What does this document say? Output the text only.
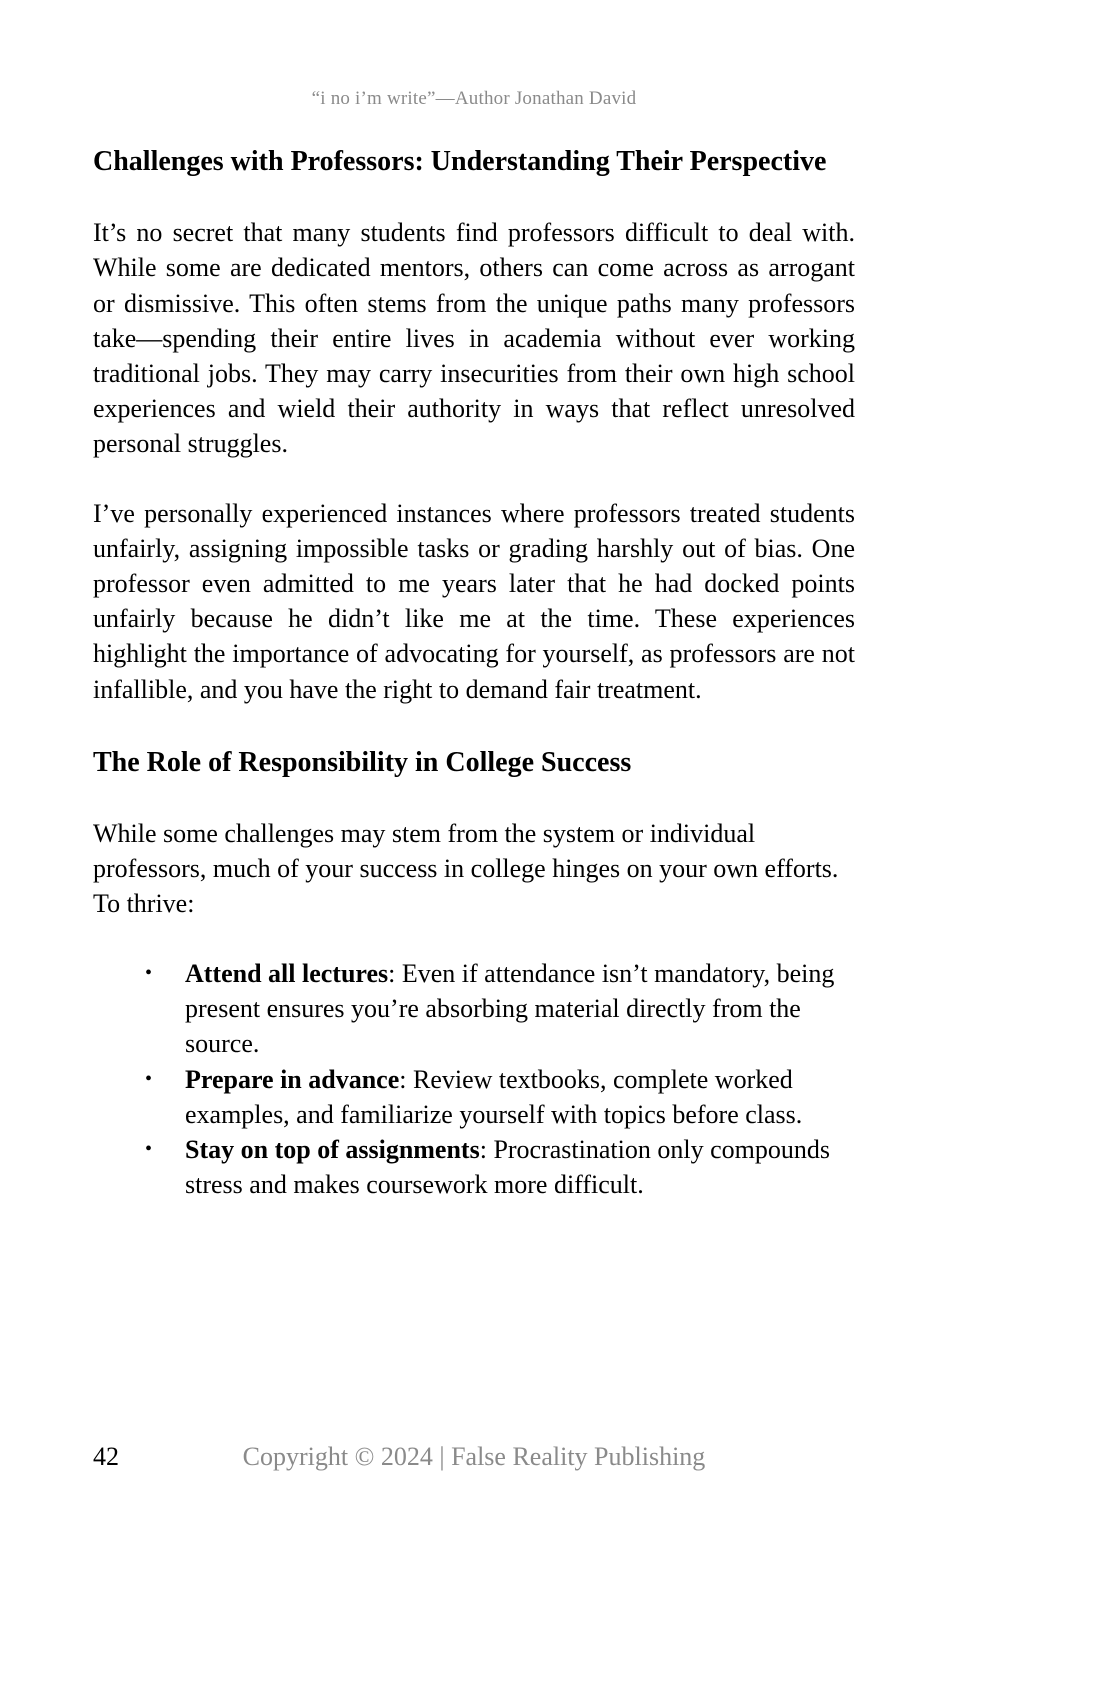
“i no i’m write”—Author Jonathan David
Challenges with Professors: Understanding Their Perspective

It’s no secret that many students find professors difficult to deal with. While some are dedicated mentors, others can come across as arrogant or dismissive. This often stems from the unique paths many professors take—spending their entire lives in academia without ever working traditional jobs. They may carry insecurities from their own high school experiences and wield their authority in ways that reflect unresolved personal struggles.

I’ve personally experienced instances where professors treated students unfairly, assigning impossible tasks or grading harshly out of bias. One professor even admitted to me years later that he had docked points unfairly because he didn’t like me at the time. These experiences highlight the importance of advocating for yourself, as professors are not infallible, and you have the right to demand fair treatment.

The Role of Responsibility in College Success

While some challenges may stem from the system or individual professors, much of your success in college hinges on your own efforts. To thrive:

•	Attend all lectures: Even if attendance isn’t mandatory, being present ensures you’re absorbing material directly from the source.
•	Prepare in advance: Review textbooks, complete worked examples, and familiarize yourself with topics before class.
•	Stay on top of assignments: Procrastination only compounds stress and makes coursework more difficult.
42	Copyright © 2024 | False Reality Publishing
